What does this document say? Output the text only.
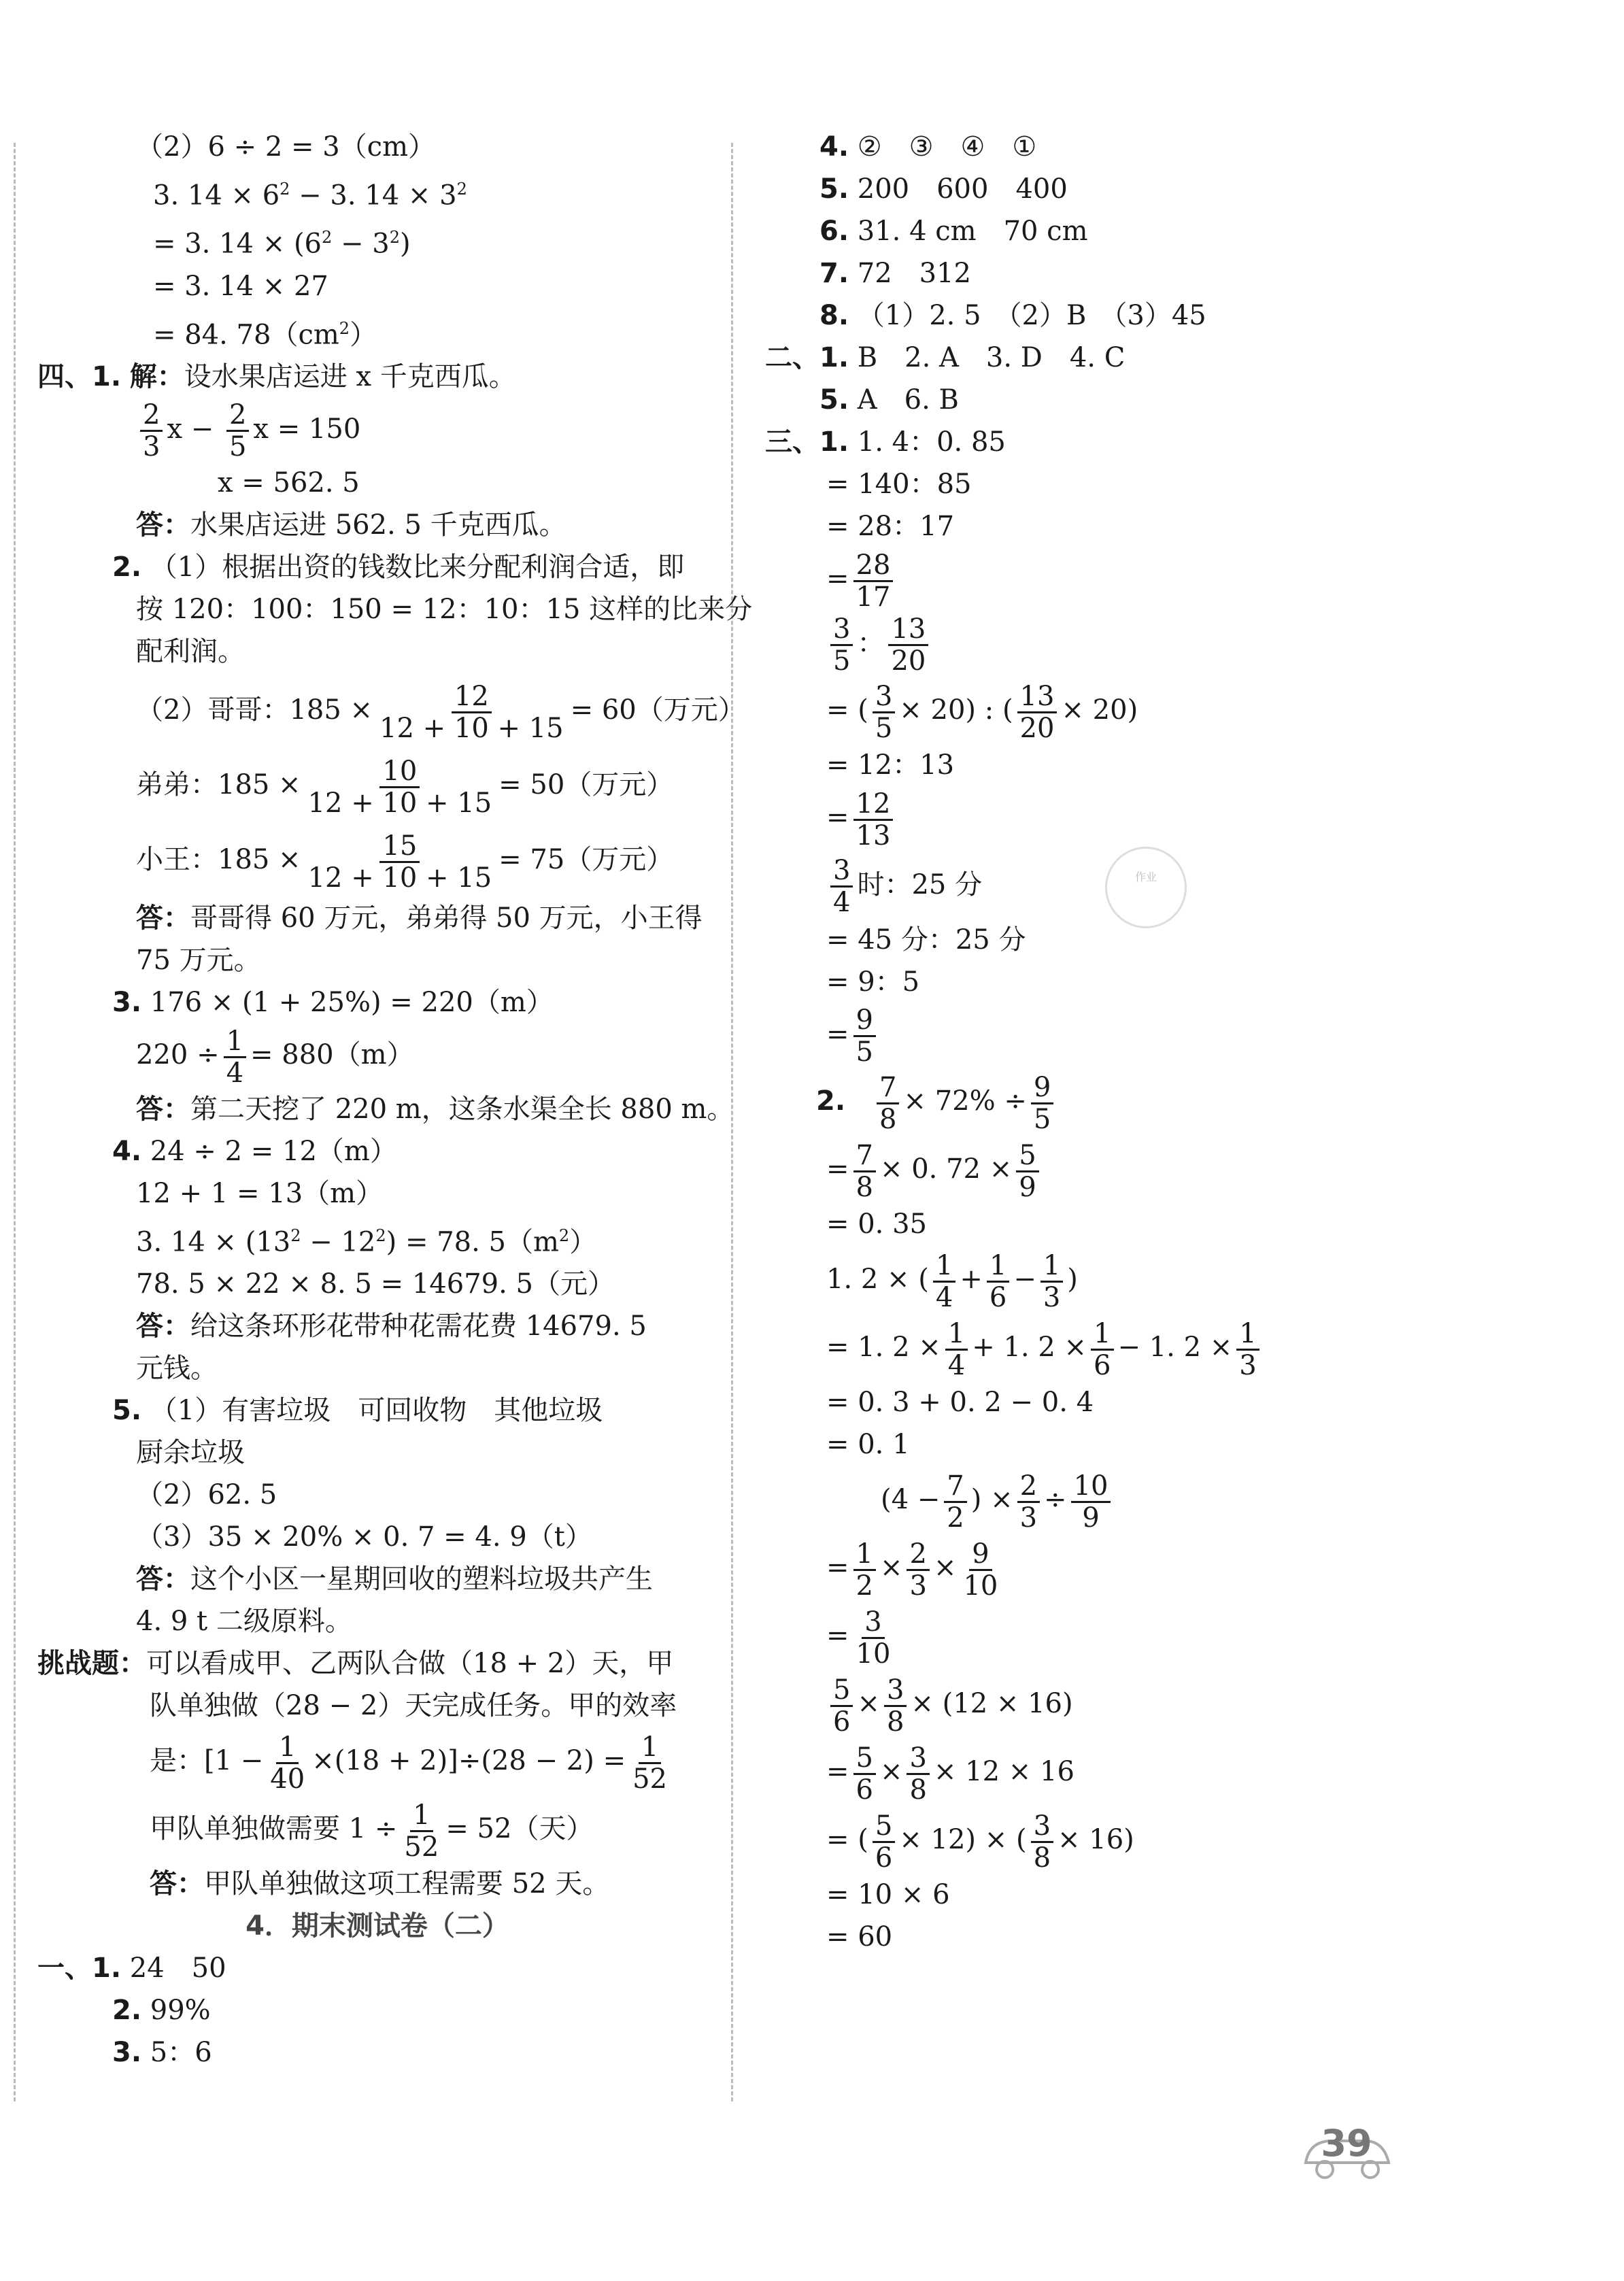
（2）6 ÷ 2 = 3（cm）
3. $14 \times 6^2 - 3$. $14 \times 3^2$
= 3. $14 \times (6^2 - 3^2)$
= 3. 14 × 27
= 84. $78(cm^2)$
四、1. 解：设水果店运进 x 千克西瓜。
$\frac{2}{3}$ $x - \frac{2}{5}$ x = 150
x = 562. 5
答：水果店运进 562. 5 千克西瓜。
2. （1）根据出资的钱数比来分配利润合适，即
按 120：100：150 = 12：10：15 这样的比来分
配利润。
（2）哥哥：$185 \times \frac{12}{12 + 10 + 15} = 60$（万元）
弟弟：$185 \times \frac{10}{12 + 10 + 15} = 50$（万元）
小王：$185 \times \frac{15}{12 + 10 + 15} = 75$（万元）
答：哥哥得 60 万元，弟弟得 50 万元，小王得
75 万元。
3. 176 × (1 + 25%) = 220（m）
$220 \div \frac{1}{4} = 880(m)$
答：第二天挖了 220 m，这条水渠全长 880 m。
4. 24 ÷ 2 = 12（m）
12 + 1 = 13（m）
3. $14 \times (13^2 - 12^2) = 78$. $5(m^2)$
78. 5 × 22 × 8. 5 = 14679. 5（元）
答：给这条环形花带种花需花费 14679. 5
元钱。
5. （1）有害垃圾　可回收物　其他垃圾
厨余垃圾
（2）62. 5
（3）35 × 20% × 0. 7 = 4. 9（t）
答：这个小区一星期回收的塑料垃圾共产生
4. 9 t 二级原料。
挑战题：可以看成甲、乙两队合做（18 + 2）天，甲
队单独做（28 − 2）天完成任务。甲的效率
是：$[1 - \frac{1}{40} \times(18 + 2)]\div(28 - 2) = \frac{1}{52}$
甲队单独做需要 $1 \div \frac{1}{52} = 52$（天）
答：甲队单独做这项工程需要 52 天。
4．期末测试卷（二）
一、1. 24　50
2. 99%
3. 5：6
4. ②　③　④　①
5. 200　600　400
6. 31. 4 cm　70 cm
7. 72　312
8. （1）2. 5　（2）B　（3）45
二、1. B　2. A　3. D　4. C
5. A　6. B
三、1. 1. 4：0. 85
= 140：85
= 28：17
= $\frac{28}{17}$
$\frac{3}{5}$ ： $\frac{13}{20}$
= ( $\frac{3}{5} \times 20$) : ( $\frac{13}{20} \times 20$)
= 12：13
= $\frac{12}{13}$
$\frac{3}{4}$ 时：25 分
= 45 分：25 分
= 9：5
= $\frac{9}{5}$
2.　 $\frac{7}{8} \times 72\% \div \frac{9}{5}$
= $\frac{7}{8} \times 0$. $72 \times \frac{5}{9}$
= 0. 35
1. 2 × ( $\frac{1}{4} + \frac{1}{6} - \frac{1}{3}$ )
= 1. $2 \times \frac{1}{4} + 1$. $2 \times \frac{1}{6} - 1$. $2 \times \frac{1}{3}$
= 0. 3 + 0. 2 − 0. 4
= 0. 1
($4 - \frac{7}{2}$ ) × $\frac{2}{3} \div \frac{10}{9}$
= $\frac{1}{2} \times \frac{2}{3} \times \frac{9}{10}$
= $\frac{3}{10}$
$\frac{5}{6} \times \frac{3}{8} \times (12 \times 16)$
= $\frac{5}{6} \times \frac{3}{8} \times 12 \times 16$
= ( $\frac{5}{6} \times 12$) × ( $\frac{3}{8} \times 16$)
= 10 × 6
= 60
作业
39
